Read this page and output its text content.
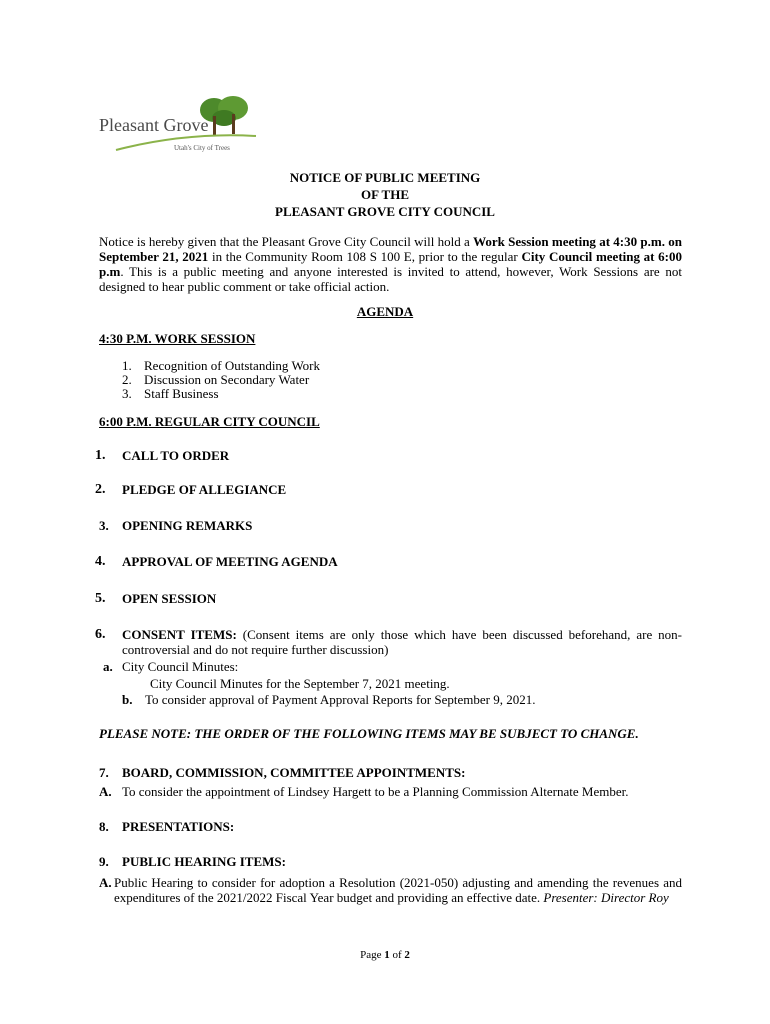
Pleasant Grove
Utah's City of Trees
NOTICE OF PUBLIC MEETING
OF THE
PLEASANT GROVE CITY COUNCIL
Notice is hereby given that the Pleasant Grove City Council will hold a Work Session meeting at 4:30 p.m. on September 21, 2021 in the Community Room 108 S 100 E, prior to the regular City Council meeting at 6:00 p.m. This is a public meeting and anyone interested is invited to attend, however, Work Sessions are not designed to hear public comment or take official action.
AGENDA
4:30 P.M. WORK SESSION
1. Recognition of Outstanding Work
2. Discussion on Secondary Water
3. Staff Business
6:00 P.M. REGULAR CITY COUNCIL
1. CALL TO ORDER
2. PLEDGE OF ALLEGIANCE
3. OPENING REMARKS
4. APPROVAL OF MEETING AGENDA
5. OPEN SESSION
6. CONSENT ITEMS: (Consent items are only those which have been discussed beforehand, are non-controversial and do not require further discussion)
a. City Council Minutes:
City Council Minutes for the September 7, 2021 meeting.
b. To consider approval of Payment Approval Reports for September 9, 2021.
PLEASE NOTE: THE ORDER OF THE FOLLOWING ITEMS MAY BE SUBJECT TO CHANGE.
7. BOARD, COMMISSION, COMMITTEE APPOINTMENTS:
A. To consider the appointment of Lindsey Hargett to be a Planning Commission Alternate Member.
8. PRESENTATIONS:
9. PUBLIC HEARING ITEMS:
A. Public Hearing to consider for adoption a Resolution (2021-050) adjusting and amending the revenues and expenditures of the 2021/2022 Fiscal Year budget and providing an effective date. Presenter: Director Roy
Page 1 of 2
